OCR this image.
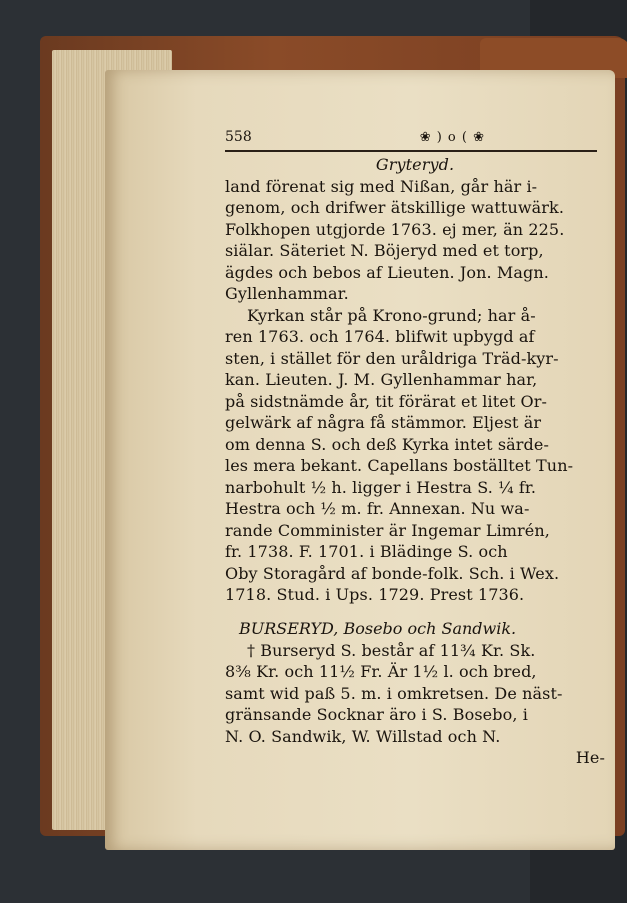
558	❀ ) o ( ❀
Gryteryd.
land förenat sig med Nißan, går här i-
genom, och drifwer ätskillige wattuwärk.
Folkhopen utgjorde 1763. ej mer, än 225.
siälar. Säteriet N. Böjeryd med et torp,
ägdes och bebos af Lieuten. Jon. Magn.
Gyllenhammar.
Kyrkan står på Krono-grund; har å-
ren 1763. och 1764. blifwit upbygd af
sten, i stället för den uråldriga Träd-kyr-
kan. Lieuten. J. M. Gyllenhammar har,
på sidstnämde år, tit förärat et litet Or-
gelwärk af några få stämmor. Eljest är
om denna S. och deß Kyrka intet särde-
les mera bekant. Capellans boställtet Tun-
narbohult ½ h. ligger i Hestra S. ¼ fr.
Hestra och ½ m. fr. Annexan. Nu wa-
rande Comminister är Ingemar Limrén,
fr. 1738. F. 1701. i Blädinge S. och
Oby Storagård af bonde-folk. Sch. i Wex.
1718. Stud. i Ups. 1729. Prest 1736.
BURSERYD, Bosebo och Sandwik.
† Burseryd S. består af 11¾ Kr. Sk.
8⅜ Kr. och 11½ Fr. Är 1½ l. och bred,
samt wid paß 5. m. i omkretsen. De näst-
gränsande Socknar äro i S. Bosebo, i
N. O. Sandwik, W. Willstad och N.
He-
